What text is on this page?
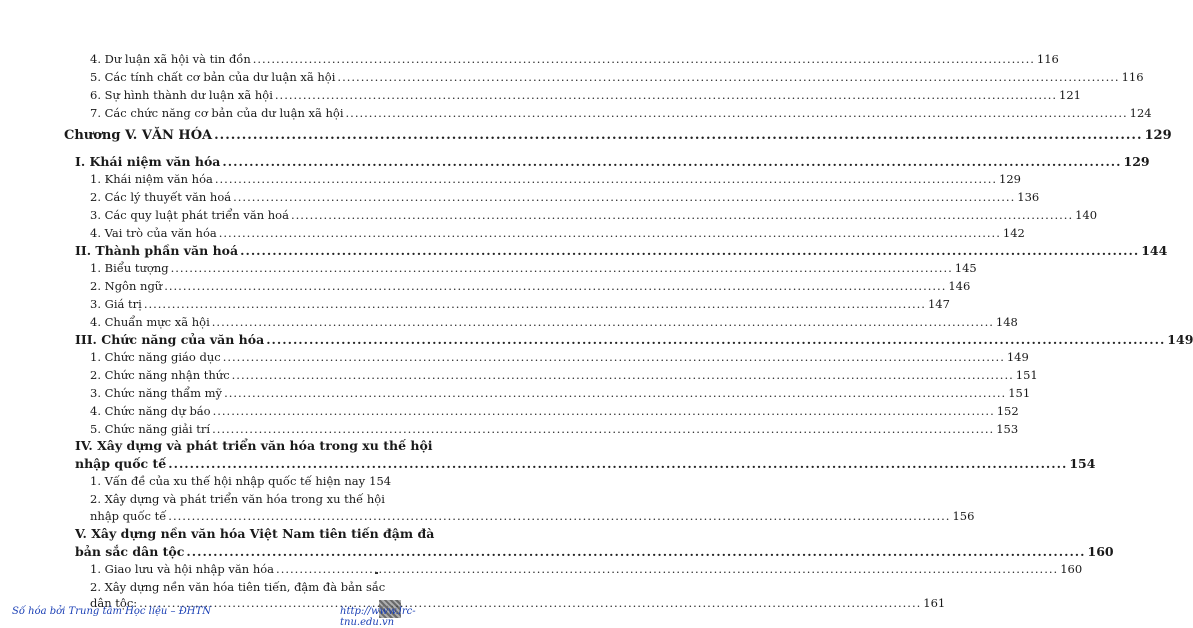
4. Dư luận xã hội và tin đồn .....	116
5. Các tính chất cơ bản của dư luận xã hội .....	116
6. Sự hình thành dư luận xã hội .....	121
7. Các chức năng cơ bản của dư luận xã hội .....	124
Chương V. VĂN HÓA .....	129
I. Khái niệm văn hóa .....	129
1. Khái niệm văn hóa .....	129
2. Các lý thuyết văn hoá .....	136
3. Các quy luật phát triển văn hoá .....	140
4. Vai trò của văn hóa .....	142
II. Thành phần văn hoá .....	144
1. Biểu tượng .....	145
2. Ngôn ngữ .....	146
3. Giá trị .....	147
4. Chuẩn mực xã hội .....	148
III. Chức năng của văn hóa .....	149
1. Chức năng giáo dục .....	149
2. Chức năng nhận thức .....	151
3. Chức năng thẩm mỹ .....	151
4. Chức năng dự báo .....	152
5. Chức năng giải trí .....	153
IV. Xây dựng và phát triển văn hóa trong xu thế hội
nhập quốc tế .....	154
1. Vấn đề của xu thế hội nhập quốc tế hiện nay 154
2. Xây dựng và phát triển văn hóa trong xu thế hội
nhập quốc tế .....	156
V. Xây dựng nền văn hóa Việt Nam tiên tiến đậm đà
bản sắc dân tộc .....	160
1. Giao lưu và hội nhập văn hóa .....	160
2. Xây dựng nền văn hóa tiên tiến, đậm đà bản sắc
dân tộc: .....	161
Số hóa bởi Trung tâm Học liệu – ĐHTN	http://www.lrc-tnu.edu.vn
